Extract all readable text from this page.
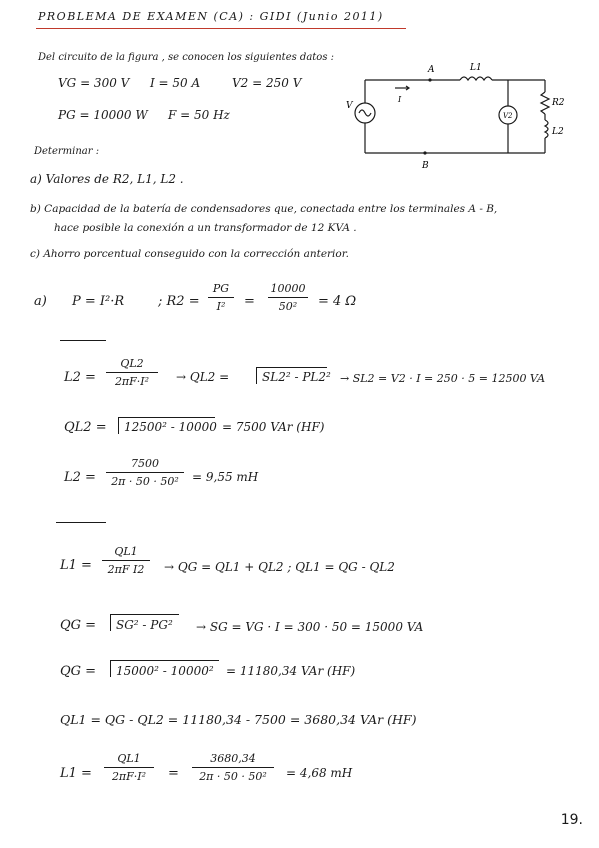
PROBLEMA DE EXAMEN (CA) : GIDI (Junio 2011)
Del circuito de la figura , se conocen los siguientes datos :
VG = 300 V I = 50 A	V2 = 250 V
PG = 10000 W F = 50 Hz
A
B
L1
R2
L2
V
I
V2
Determinar :
a) Valores de R2, L1, L2 .
b) Capacidad de la batería de condensadores que, conectada entre los terminales A - B,
hace posible la conexión a un transformador de 12 KVA .
c) Ahorro porcentual conseguido con la corrección anterior.
a) P = I²·R	; R2 =
PG
I²	=
10000
50²	= 4 Ω
L2 =
QL2
2πF·I²	→ QL2 =	SL2² - PL2² → SL2 = V2 · I = 250 · 5 = 12500 VA
QL2 = 12500² - 10000 = 7500 VAr (HF)
L2 =
7500
2π · 50 · 50²	= 9,55 mH
L1 =
QL1
2πF I2	→ QG = QL1 + QL2 ; QL1 = QG - QL2
QG = SG² - PG² → SG = VG · I = 300 · 50 = 15000 VA
QG = 15000² - 10000² = 11180,34 VAr (HF)
QL1 = QG - QL2 = 11180,34 - 7500 = 3680,34 VAr (HF)
L1 =
QL1
2πF·I²	=
3680,34
2π · 50 · 50²	= 4,68 mH
19.
